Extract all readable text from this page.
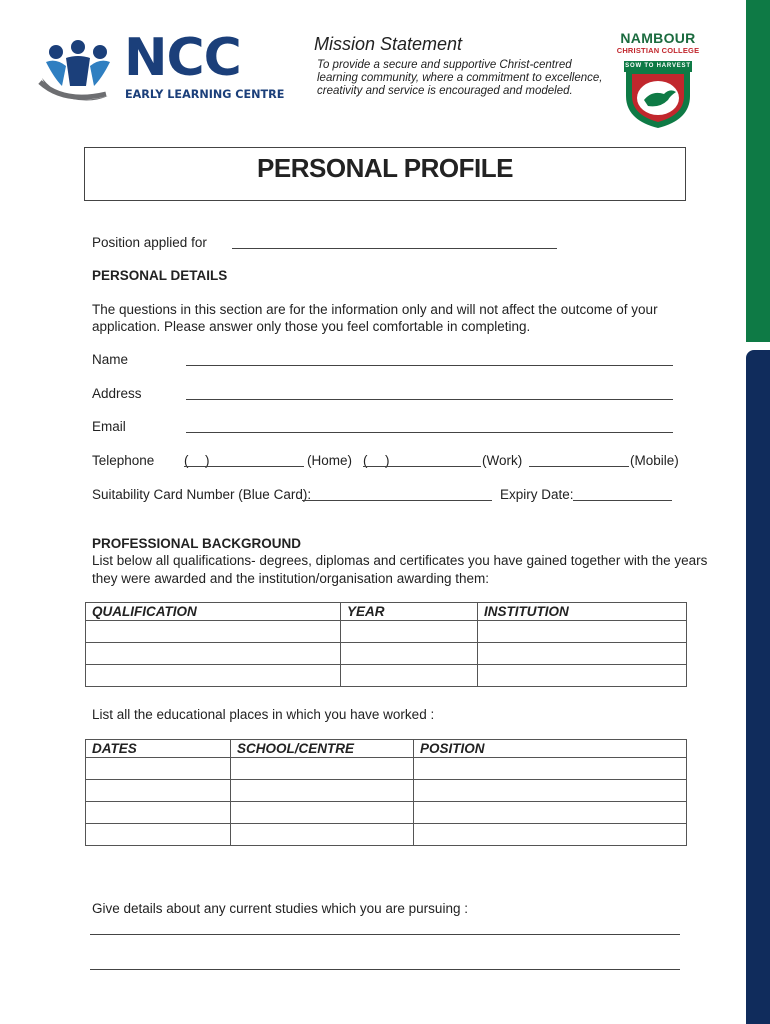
NCC
EARLY LEARNING CENTRE
Mission Statement
To provide a secure and supportive Christ-centred learning community, where a commitment to excellence, creativity and service is encouraged and modeled.
NAMBOUR
CHRISTIAN COLLEGE
SOW TO HARVEST
PERSONAL PROFILE
Position applied for
PERSONAL DETAILS
The questions in this section are for the information only and will not affect the outcome of your
application. Please answer only those you feel comfortable in completing.
Name
Address
Email
Telephone ( )	(Home) ( )	(Work)	(Mobile)
Suitability Card Number (Blue Card):	Expiry Date:
PROFESSIONAL BACKGROUND
List below all qualifications- degrees, diplomas and certificates you have gained together with the years
they were awarded and the institution/organisation awarding them:
QUALIFICATION	YEAR	INSTITUTION

List all the educational places in which you have worked :
DATES	SCHOOL/CENTRE	POSITION

Give details about any current studies which you are pursuing :
